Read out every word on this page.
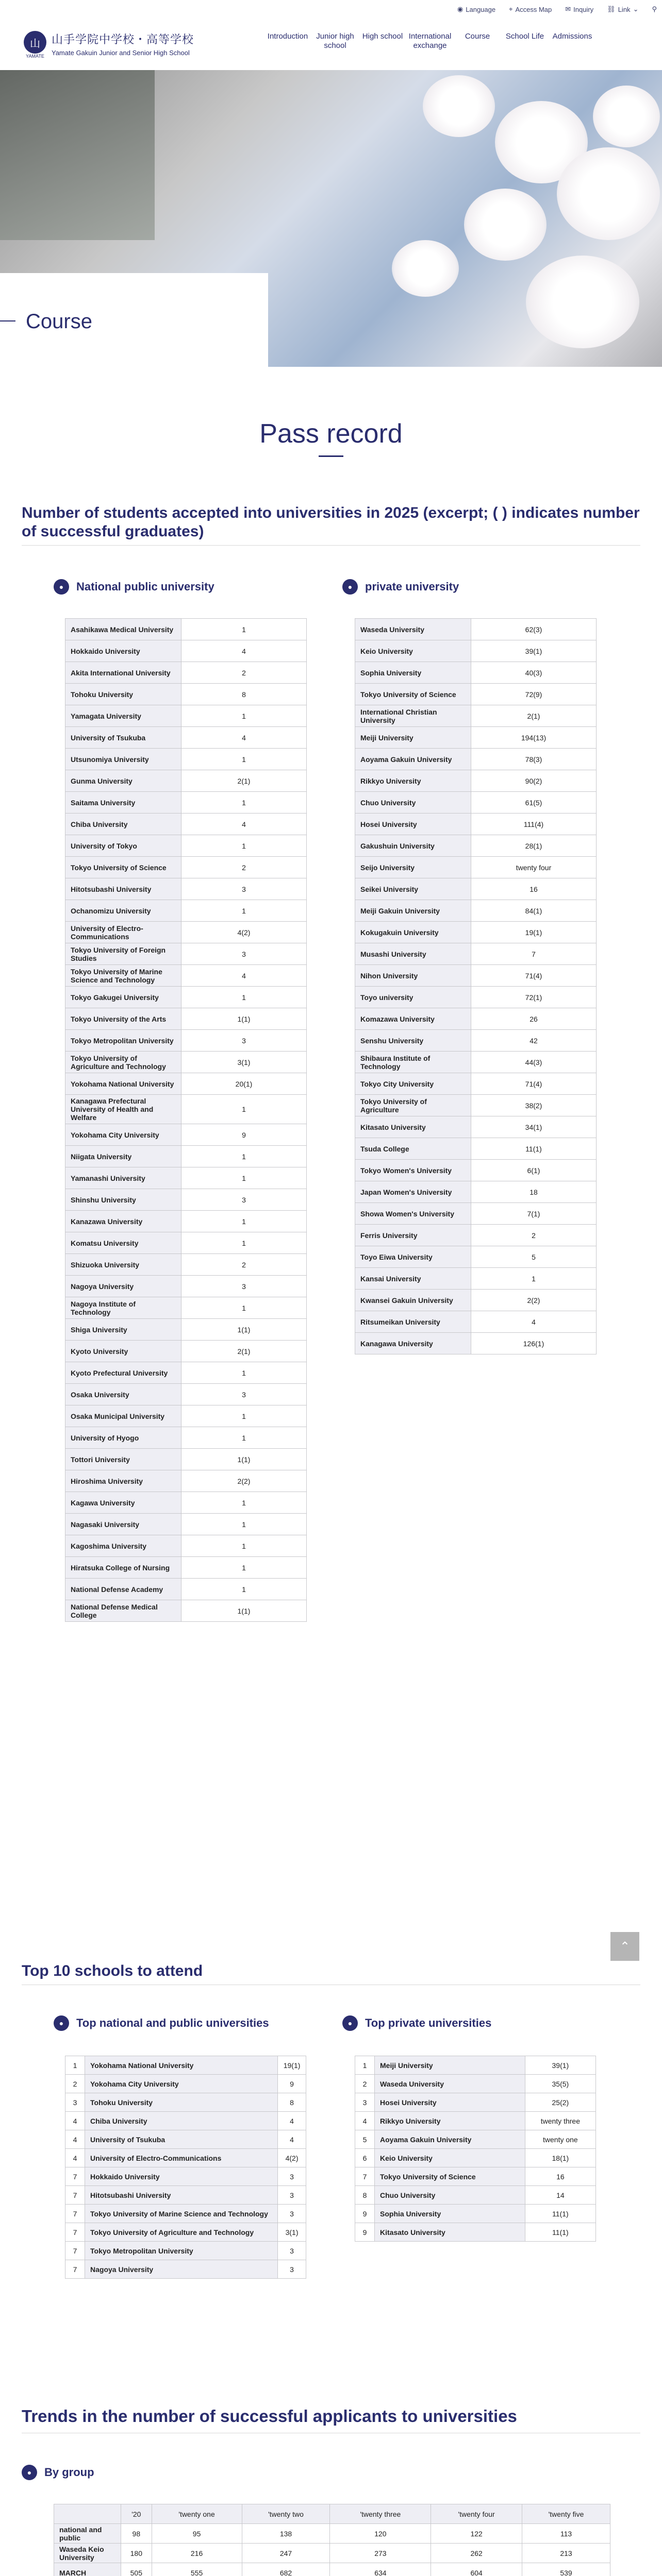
◉ Language ⌖ Access Map ✉ Inquiry ⛓ Link ⌄ ⚲
山
YAMATE
山手学院中学校・高等学校
Yamate Gakuin Junior and Senior High School
Introduction	Junior high school
High school International exchange
Course	School Life	Admissions
Course
Pass record
Number of students accepted into universities in 2025 (excerpt; ( ) indicates number of successful graduates)
●	National public university	●	private university
Asahikawa Medical University	1
Hokkaido University	4
Akita International University	2
Tohoku University	8
Yamagata University	1
University of Tsukuba	4
Utsunomiya University	1
Gunma University	2(1)
Saitama University	1
Chiba University	4
University of Tokyo	1
Tokyo University of Science	2
Hitotsubashi University	3
Ochanomizu University	1
University of Electro-Communications	4(2)
Tokyo University of Foreign Studies	3
Tokyo University of Marine Science and Technology	4
Tokyo Gakugei University	1
Tokyo University of the Arts	1(1)
Tokyo Metropolitan University	3
Tokyo University of Agriculture and Technology	3(1)
Yokohama National University	20(1)
Kanagawa Prefectural University of Health and Welfare	1
Yokohama City University	9
Niigata University	1
Yamanashi University	1
Shinshu University	3
Kanazawa University	1
Komatsu University	1
Shizuoka University	2
Nagoya University	3
Nagoya Institute of Technology	1
Shiga University	1(1)
Kyoto University	2(1)
Kyoto Prefectural University	1
Osaka University	3
Osaka Municipal University	1
University of Hyogo	1
Tottori University	1(1)
Hiroshima University	2(2)
Kagawa University	1
Nagasaki University	1
Kagoshima University	1
Hiratsuka College of Nursing	1
National Defense Academy	1
National Defense Medical College	1(1)
Waseda University	62(3)
Keio University	39(1)
Sophia University	40(3)
Tokyo University of Science	72(9)
International Christian University	2(1)
Meiji University	194(13)
Aoyama Gakuin University	78(3)
Rikkyo University	90(2)
Chuo University	61(5)
Hosei University	111(4)
Gakushuin University	28(1)
Seijo University	twenty four
Seikei University	16
Meiji Gakuin University	84(1)
Kokugakuin University	19(1)
Musashi University	7
Nihon University	71(4)
Toyo university	72(1)
Komazawa University	26
Senshu University	42
Shibaura Institute of Technology	44(3)
Tokyo City University	71(4)
Tokyo University of Agriculture	38(2)
Kitasato University	34(1)
Tsuda College	11(1)
Tokyo Women's University	6(1)
Japan Women's University	18
Showa Women's University	7(1)
Ferris University	2
Toyo Eiwa University	5
Kansai University	1
Kwansei Gakuin University	2(2)
Ritsumeikan University	4
Kanagawa University	126(1)
⌃
Top 10 schools to attend
●	Top national and public universities	●	Top private universities
1	Yokohama National University	19(1)
2	Yokohama City University	9
3	Tohoku University	8
4	Chiba University	4
4	University of Tsukuba	4
4	University of Electro-Communications	4(2)
7	Hokkaido University	3
7	Hitotsubashi University	3
7	Tokyo University of Marine Science and Technology	3
7	Tokyo University of Agriculture and Technology	3(1)
7	Tokyo Metropolitan University	3
7	Nagoya University	3
1	Meiji University	39(1)
2	Waseda University	35(5)
3	Hosei University	25(2)
4	Rikkyo University	twenty three
5	Aoyama Gakuin University	twenty one
6	Keio University	18(1)
7	Tokyo University of Science	16
8	Chuo University	14
9	Sophia University	11(1)
9	Kitasato University	11(1)
Trends in the number of successful applicants to universities
●	By group
	'20	'twenty one	'twenty two	'twenty three	'twenty four	'twenty five
national and public	98	95	138	120	122	113
Waseda Keio University	180	216	247	273	262	213
MARCH	505	555	682	634	604	539
